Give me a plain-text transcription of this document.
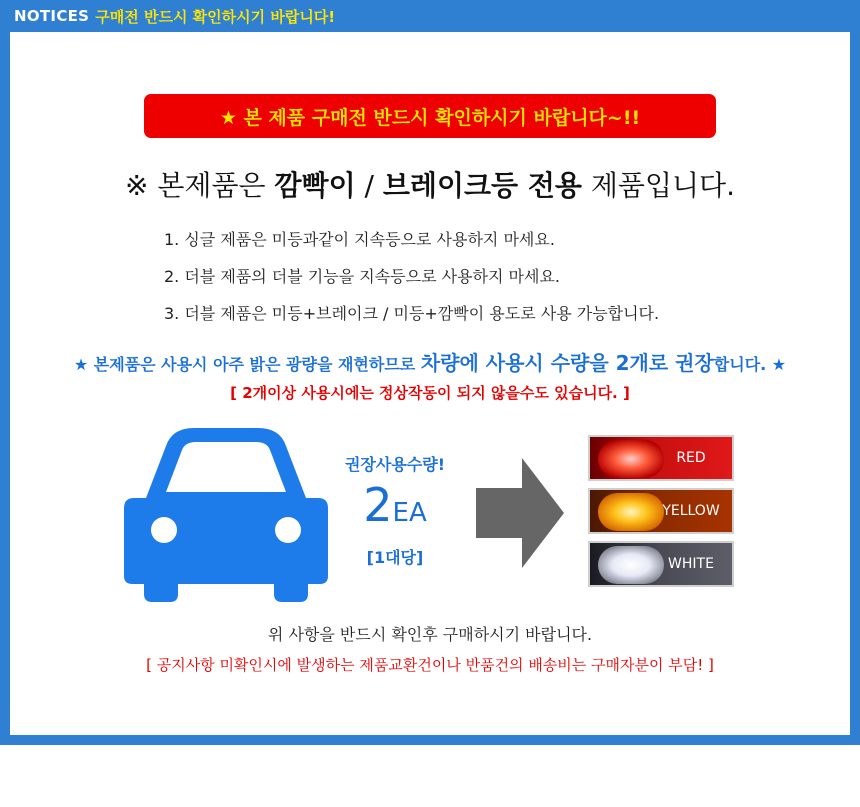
NOTICES 구매전 반드시 확인하시기 바랍니다!
★ 본 제품 구매전 반드시 확인하시기 바랍니다~!!
※ 본제품은 깜빡이 / 브레이크등 전용 제품입니다.
1. 싱글 제품은 미등과같이 지속등으로 사용하지 마세요.
2. 더블 제품의 더블 기능을 지속등으로 사용하지 마세요.
3. 더블 제품은 미등+브레이크 / 미등+깜빡이 용도로 사용 가능합니다.
★ 본제품은 사용시 아주 밝은 광량을 재현하므로 차량에 사용시 수량을 2개로 권장합니다. ★
[ 2개이상 사용시에는 정상작동이 되지 않을수도 있습니다. ]
권장사용수량!
2EA
[1대당]
RED
YELLOW
WHITE
위 사항을 반드시 확인후 구매하시기 바랍니다.
[ 공지사항 미확인시에 발생하는 제품교환건이나 반품건의 배송비는 구매자분이 부담! ]
